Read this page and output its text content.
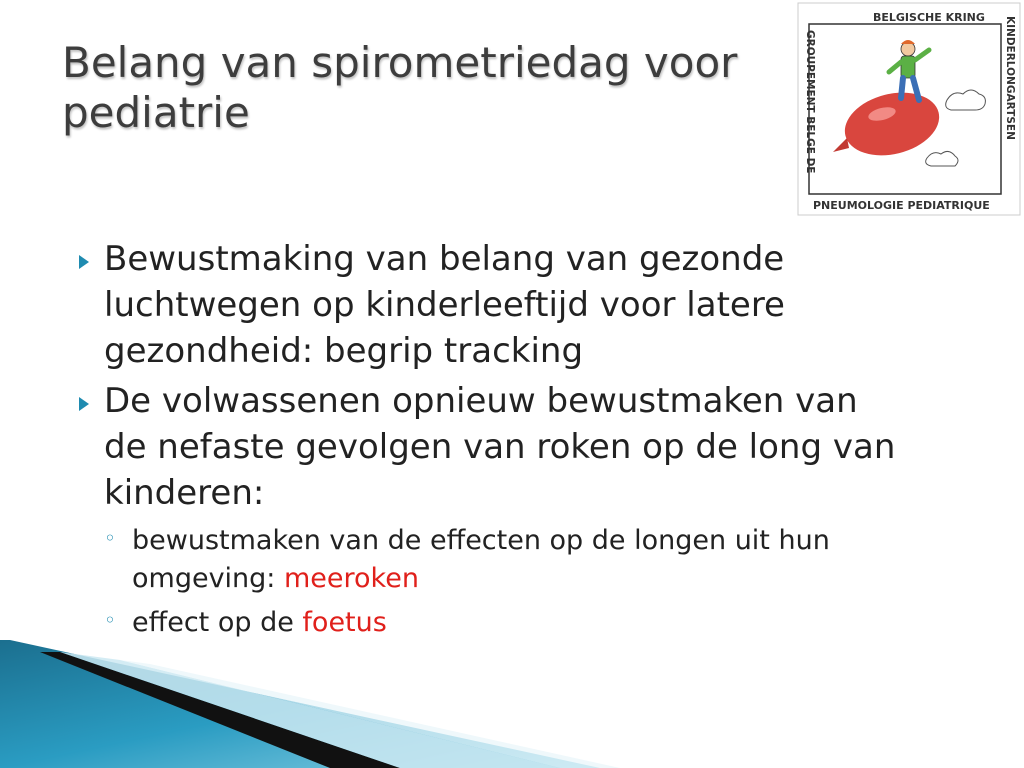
Belang van spirometriedag voor pediatrie
BELGISCHE KRING
PNEUMOLOGIE PEDIATRIQUE
KINDERLONGARTSEN
GROUPEMENT BELGE DE
Bewustmaking van belang van gezonde
luchtwegen op kinderleeftijd voor latere
gezondheid: begrip tracking
De volwassenen opnieuw bewustmaken van
de nefaste gevolgen van roken op de long van
kinderen:
◦ bewustmaken van de effecten op de longen uit hun
omgeving: meeroken
◦ effect op de foetus
